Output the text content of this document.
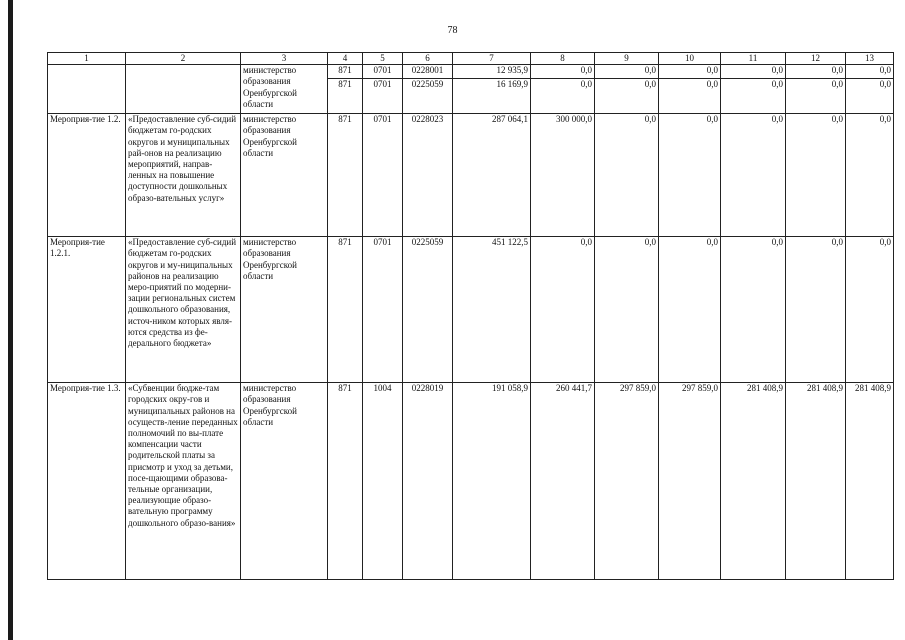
78
1	2	3	4	5	6	7	8	9	10	11	12	13
		министерство образования Оренбургской области	871	0701	0228001	12 935,9	0,0	0,0	0,0	0,0	0,0	0,0
			871	0701	0225059	16 169,9	0,0	0,0	0,0	0,0	0,0	0,0
Мероприя-тие 1.2.	«Предоставление суб-сидий бюджетам го-родских округов и муниципальных рай-онов на реализацию мероприятий, направ-ленных на повышение доступности дошкольных образо-вательных услуг»	министерство образования Оренбургской области	871	0701	0228023	287 064,1	300 000,0	0,0	0,0	0,0	0,0	0,0
Мероприя-тие 1.2.1.	«Предоставление суб-сидий бюджетам го-родских округов и му-ниципальных районов на реализацию меро-приятий по модерни-зации региональных систем дошкольного образования, источ-ником которых явля-ются средства из фе-дерального бюджета»	министерство образования Оренбургской области	871	0701	0225059	451 122,5	0,0	0,0	0,0	0,0	0,0	0,0
Мероприя-тие 1.3.	«Субвенции бюдже-там городских окру-гов и муниципальных районов на осуществ-ление переданных полномочий по вы-плате компенсации части родительской платы за присмотр и уход за детьми, посе-щающими образова-тельные организации, реализующие образо-вательную программу дошкольного образо-вания»	министерство образования Оренбургской области	871	1004	0228019	191 058,9	260 441,7	297 859,0	297 859,0	281 408,9	281 408,9	281 408,9
